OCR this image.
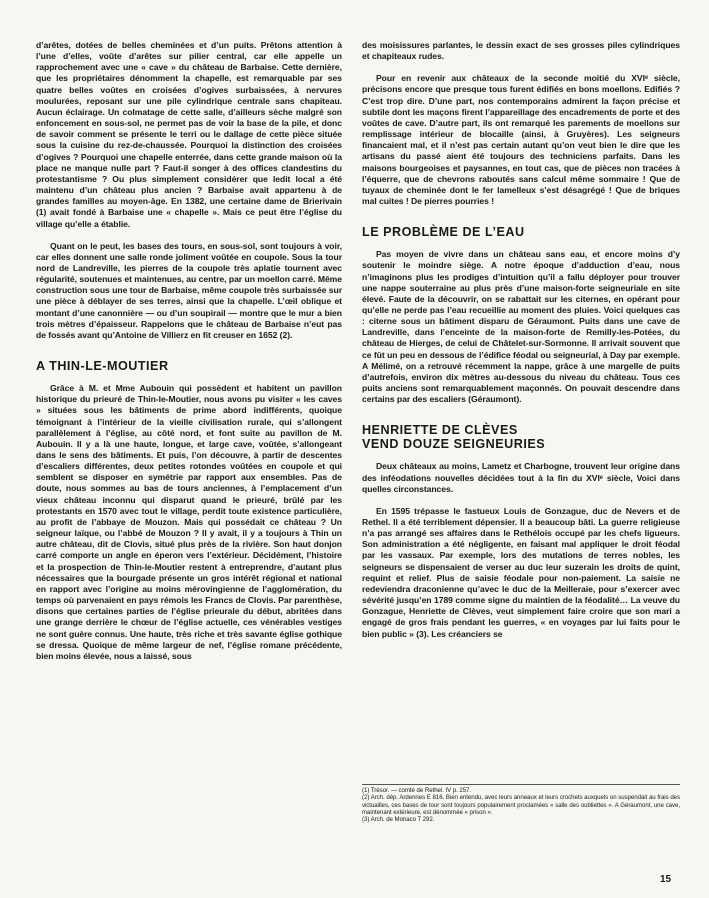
d’arêtes, dotées de belles cheminées et d’un puits. Prêtons attention à l’une d’elles, voûte d’arêtes sur pilier central, car elle appelle un rapprochement avec une « cave » du château de Barbaise. Cette dernière, que les propriétaires dénomment la chapelle, est remarquable par ses quatre belles voûtes en croisées d’ogives surbaissées, à nervures moulurées, reposant sur une pile cylindrique centrale sans chapiteau. Aucun éclairage. Un colmatage de cette salle, d’ailleurs sèche malgré son enfoncement en sous-sol, ne permet pas de voir la base de la pile, et donc de savoir comment se présente le terri ou le dallage de cette pièce située sous la cuisine du rez-de-chaussée. Pourquoi la distinction des croisées d’ogives ? Pourquoi une chapelle enterrée, dans cette grande maison où la place ne manque nulle part ? Faut-il songer à des offices clandestins du protestantisme ? Ou plus simplement considérer que ledit local a été maintenu d’un château plus ancien ? Barbaise avait appartenu à de grandes familles au moyen-âge. En 1382, une certaine dame de Brierivain (1) avait fondé à Barbaise une « chapelle ». Mais ce peut être l’église du village qu’elle a établie.

Quant on le peut, les bases des tours, en sous-sol, sont toujours à voir, car elles donnent une salle ronde joliment voûtée en coupole. Sous la tour nord de Landreville, les pierres de la coupole très aplatie tournent avec régularité, soutenues et maintenues, au centre, par un moellon carré. Même construction sous une tour de Barbaise, même coupole très surbaissée sur une pièce à déblayer de ses terres, ainsi que la chapelle. L’œil oblique et montant d’une canonnière — ou d’un soupirail — montre que le mur a bien trois mètres d’épaisseur. Rappelons que le château de Barbaise n’eut pas de fossés avant qu’Antoine de Villierz en fit creuser en 1652 (2).

A THIN-LE-MOUTIER

Grâce à M. et Mme Aubouin qui possèdent et habitent un pavillon historique du prieuré de Thin-le-Moutier, nous avons pu visiter « les caves » situées sous les bâtiments de prime abord indifférents, quoique témoignant à l’intérieur de la vieille civilisation rurale, qui s’allongent parallèlement à l’église, au côté nord, et font suite au pavillon de M. Aubouin. Il y a là une haute, longue, et large cave, voûtée, s’allongeant dans le sens des bâtiments. Et puis, l’on découvre, à partir de descentes d’escaliers différentes, deux petites rotondes voûtées en coupole et qui semblent se disposer en symétrie par rapport aux ensembles. Pas de doute, nous sommes au bas de tours anciennes, à l’emplacement d’un vieux château inconnu qui disparut quand le prieuré, brûlé par les protestants en 1570 avec tout le village, perdit toute existence particulière, au profit de l’abbaye de Mouzon. Mais qui possédait ce château ? Un seigneur laïque, ou l’abbé de Mouzon ? Il y avait, il y a toujours à Thin un autre château, dit de Clovis, situé plus près de la rivière. Son haut donjon carré comporte un angle en éperon vers l’extérieur. Décidément, l’histoire et la prospection de Thin-le-Moutier restent à entreprendre, d’autant plus nécessaires que la bourgade présente un gros intérêt régional et national en rapport avec l’origine au moins mérovingienne de l’agglomération, du temps où parvenaient en pays rémois les Francs de Clovis. Par parenthèse, disons que certaines parties de l’église prieurale du début, abritées dans une grange derrière le chœur de l’église actuelle, ces vénérables vestiges ne sont guère connus. Une haute, très riche et très savante église gothique se dressa. Quoique de même largeur de nef, l’église romane précédente, bien moins élevée, nous a laissé, sous

des moisissures parlantes, le dessin exact de ses grosses piles cylindriques et chapiteaux rudes.

Pour en revenir aux châteaux de la seconde moitié du XVIᵉ siècle, précisons encore que presque tous furent édifiés en bons moellons. Edifiés ? C’est trop dire. D’une part, nos contemporains admirent la façon précise et subtile dont les maçons firent l’appareillage des encadrements de porte et des voûtes de cave. D’autre part, ils ont remarqué les parements de moellons sur remplissage intérieur de blocaille (ainsi, à Gruyères). Les seigneurs financaient mal, et il n’est pas certain autant qu’on veut bien le dire que les artisans du passé aient été toujours des techniciens parfaits. Dans les maisons bourgeoises et paysannes, en tout cas, que de pièces non tracées à l’équerre, que de chevrons raboutés sans calcul même sommaire ! Que de tuyaux de cheminée dont le fer lamelleux s’est désagrégé ! Que de briques mal cuites ! De pierres pourries !

LE PROBLÈME DE L’EAU

Pas moyen de vivre dans un château sans eau, et encore moins d’y soutenir le moindre siège. A notre époque d’adduction d’eau, nous n’imaginons plus les prodiges d’intuition qu’il a fallu déployer pour trouver une nappe souterraine au plus près d’une maison-forte seigneuriale en site élevé. Faute de la découvrir, on se rabattait sur les citernes, en opérant pour qu’elle ne perde pas l’eau recueillie au moment des pluies. Voici quelques cas : citerne sous un bâtiment disparu de Géraumont. Puits dans une cave de Landreville, dans l’enceinte de la maison-forte de Remilly-les-Potées, du château de Hierges, de celui de Châtelet-sur-Sormonne. Il arrivait souvent que ce fût un peu en dessous de l’édifice féodal ou seigneurial, à Day par exemple. A Mélimé, on a retrouvé récemment la nappe, grâce à une margelle de puits d’autrefois, environ dix mètres au-dessous du niveau du château. Tous ces puits anciens sont remarquablement maçonnés. On pouvait descendre dans certains par des escaliers (Géraumont).

HENRIETTE DE CLÈVES
VEND DOUZE SEIGNEURIES

Deux châteaux au moins, Lametz et Charbogne, trouvent leur origine dans des inféodations nouvelles décidées tout à la fin du XVIᵉ siècle, Voici dans quelles circonstances.

En 1595 trépasse le fastueux Louis de Gonzague, duc de Nevers et de Rethel. Il a été terriblement dépensier. Il a beaucoup bâti. La guerre religieuse n’a pas arrangé ses affaires dans le Rethélois occupé par les chefs ligueurs. Son administration a été négligente, en faisant mal appliquer le droit féodal par les vassaux. Par exemple, lors des mutations de terres nobles, les seigneurs se dispensaient de verser au duc leur suzerain les droits de quint, requint et relief. Plus de saisie féodale pour non-paiement. La saisie ne redeviendra draconienne qu’avec le duc de la Meilleraie, pour s’exercer avec sévérité jusqu’en 1789 comme signe du maintien de la féodalité… La veuve du Gonzague, Henriette de Clèves, veut simplement faire croire que son mari a engagé de gros frais pendant les guerres, « en voyages par lui faits pour le bien public » (3). Les créanciers se

(1) Trésor. — comté de Rethel. IV p. 257.

(2) Arch. dép. Ardennes E 816. Bien entendu, avec leurs anneaux et leurs crochets auxquels on suspendait au frais des victuailles, ces bases de tour sont toujours populairement proclamées « salle des oubliettes ». A Géraumont, une cave, maintenant extérieure, est dénommée « prison ».

(3) Arch. de Monaco T 292.

15
